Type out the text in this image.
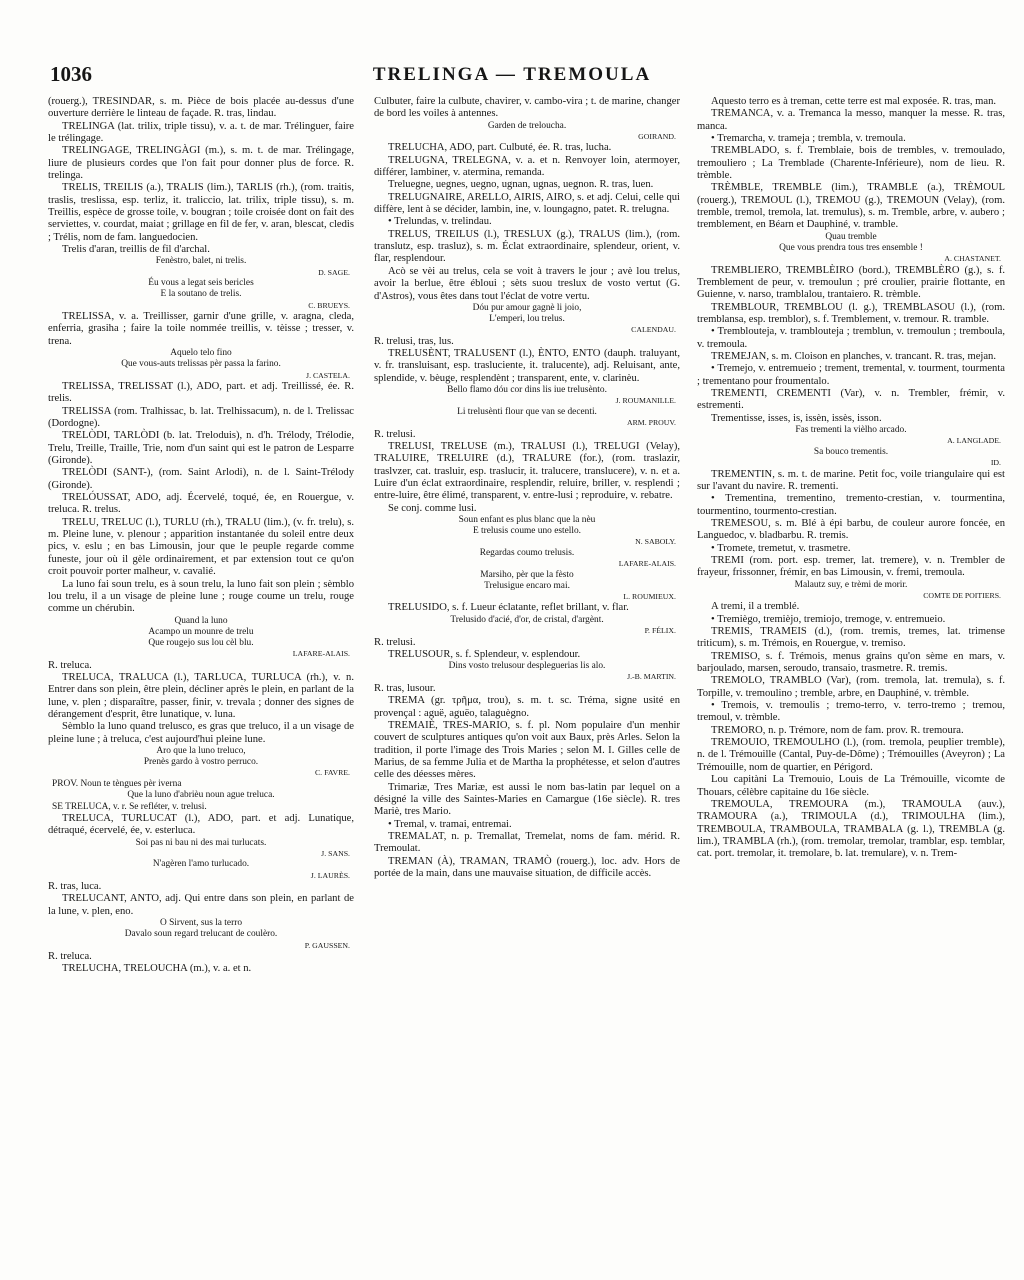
1036	TRELINGA — TREMOULA

(rouerg.), TRESINDAR, s. m. Pièce de bois placée au-dessus d'une ouverture derrière le linteau de façade. R. tras, lindau.

TRELINGA (lat. trilix, triple tissu), v. a. t. de mar. Trélinguer, faire le trélingage.

TRELINGAGE, TRELINGÀGI (m.), s. m. t. de mar. Trélingage, liure de plusieurs cordes que l'on fait pour donner plus de force. R. trelinga.

TRELIS, TREILIS (a.), TRALIS (lim.), TARLIS (rh.), (rom. traitis, traslis, treslissa, esp. terliz, it. traliccio, lat. trilix, triple tissu), s. m. Treillis, espèce de grosse toile, v. bougran ; toile croisée dont on fait des serviettes, v. courdat, maiat ; grillage en fil de fer, v. aran, blescat, cledis ; Trélis, nom de fam. languedocien.

Trelis d'aran, treillis de fil d'archal.

Fenèstro, balet, ni trelis.
D. SAGE.
Éu vous a legat seis bericles
E la soutano de trelis.
C. BRUEYS.

TRELISSA, v. a. Treillisser, garnir d'une grille, v. aragna, cleda, enferria, grasiha ; faire la toile nommée treillis, v. tèisse ; tresser, v. trena.

Aquelo telo fino
Que vous-auts trelissas pèr passa la farino.
J. CASTELA.

TRELISSA, TRELISSAT (l.), ADO, part. et adj. Treillissé, ée. R. trelis.

TRELISSA (rom. Tralhissac, b. lat. Trelhissacum), n. de l. Trelissac (Dordogne).

TRELÒDI, TARLÒDI (b. lat. Treloduis), n. d'h. Trélody, Trélodie, Trelu, Treille, Traille, Trie, nom d'un saint qui est le patron de Lesparre (Gironde).

TRELÒDI (SANT-), (rom. Saint Arlodi), n. de l. Saint-Trélody (Gironde).

TRELÓUSSAT, ADO, adj. Écervelé, toqué, ée, en Rouergue, v. treluca. R. trelus.

TRELU, TRELUC (l.), TURLU (rh.), TRALU (lim.), (v. fr. trelu), s. m. Pleine lune, v. plenour ; apparition instantanée du soleil entre deux pics, v. eslu ; en bas Limousin, jour que le peuple regarde comme funeste, jour où il gèle ordinairement, et par extension tout ce qu'on croit pouvoir porter malheur, v. cavalié.

La luno fai soun trelu, es à soun trelu, la luno fait son plein ; sèmblo lou trelu, il a un visage de pleine lune ; rouge coume un trelu, rouge comme un chérubin.

Quand la luno
Acampo un mounre de trelu
Que rougejo sus lou cèl blu.
LAFARE-ALAIS.

R. treluca.

TRELUCA, TRALUCA (l.), TARLUCA, TURLUCA (rh.), v. n. Entrer dans son plein, être plein, décliner après le plein, en parlant de la lune, v. plen ; disparaître, passer, finir, v. trevala ; donner des signes de dérangement d'esprit, être lunatique, v. luna.

Sèmblo la luno quand trelusco, es gras que treluco, il a un visage de pleine lune ; à treluca, c'est aujourd'hui pleine lune.

Aro que la luno treluco,
Prenès gardo à vostro perruco.
C. FAVRE.
PROV. Noun te tèngues pèr iverna
Que la luno d'abrièu noun ague treluca.
SE TRELUCA, v. r. Se refléter, v. trelusi.

TRELUCA, TURLUCAT (l.), ADO, part. et adj. Lunatique, détraqué, écervelé, ée, v. esterluca.

Soi pas ni bau ni des mai turlucats.
J. SANS.
N'agèren l'amo turlucado.
J. LAURÈS.

R. tras, luca.

TRELUCANT, ANTO, adj. Qui entre dans son plein, en parlant de la lune, v. plen, eno.

O Sirvent, sus la terro
Davalo soun regard trelucant de coulèro.
P. GAUSSEN.

R. treluca.

TRELUCHA, TRELOUCHA (m.), v. a. et n.

Culbuter, faire la culbute, chavirer, v. cambo-vira ; t. de marine, changer de bord les voiles à antennes.

Garden de treloucha.
GOIRAND.

TRELUCHA, ADO, part. Culbuté, ée. R. tras, lucha.

TRELUGNA, TRELEGNA, v. a. et n. Renvoyer loin, atermoyer, différer, lambiner, v. atermina, remanda.

Treluegne, uegnes, uegno, ugnan, ugnas, uegnon. R. tras, luen.

TRELUGNAIRE, ARELLO, AIRIS, AIRO, s. et adj. Celui, celle qui diffère, lent à se décider, lambin, ine, v. loungagno, patet. R. trelugna.

• Trelundas, v. trelindau.

TRELUS, TREILUS (l.), TRESLUX (g.), TRALUS (lim.), (rom. translutz, esp. trasluz), s. m. Éclat extraordinaire, splendeur, orient, v. flar, resplendour.

Acò se vèi au trelus, cela se voit à travers le jour ; avè lou trelus, avoir la berlue, être ébloui ; sèts suou treslux de vosto vertut (G. d'Astros), vous êtes dans tout l'éclat de votre vertu.

Dóu pur amour gagnè li joio,
L'emperi, lou trelus.
CALENDAU.

R. trelusi, tras, lus.

TRELUSÈNT, TRALUSENT (l.), ÈNTO, ENTO (dauph. traluyant, v. fr. transluisant, esp. trasluciente, it. tralucente), adj. Reluisant, ante, splendide, v. bèuge, resplendènt ; transparent, ente, v. clarinèu.

Bello flamo dóu cor dins lis iue trelusènto.
J. ROUMANILLE.
Li trelusènti flour que van se decenti.
ARM. PROUV.

R. trelusi.

TRELUSI, TRELUSE (m.), TRALUSI (l.), TRELUGI (Velay), TRALUIRE, TRELUIRE (d.), TRALURE (for.), (rom. traslazir, traslvzer, cat. trasluir, esp. traslucir, it. tralucere, translucere), v. n. et a. Luire d'un éclat extraordinaire, resplendir, reluire, briller, v. resplendi ; entre-luire, être élimé, transparent, v. entre-lusi ; reproduire, v. rebatre.

Se conj. comme lusi.

Soun enfant es plus blanc que la nèu
E trelusis coume uno estello.
N. SABOLY.
Regardas coumo trelusis.
LAFARE-ALAIS.
Marsiho, pèr que la fèsto
Trelusigue encaro mai.
L. ROUMIEUX.

TRELUSIDO, s. f. Lueur éclatante, reflet brillant, v. flar.

Trelusido d'acié, d'or, de cristal, d'argènt.
P. FÉLIX.

R. trelusi.

TRELUSOUR, s. f. Splendeur, v. esplendour.

Dins vosto trelusour despleguerias lis alo.
J.-B. MARTIN.

R. tras, lusour.

TREMA (gr. τρῆμα, trou), s. m. t. sc. Tréma, signe usité en provençal : aguë, aguëo, talaguègno.

TREMAIÈ, TRES-MARIO, s. f. pl. Nom populaire d'un menhir couvert de sculptures antiques qu'on voit aux Baux, près Arles. Selon la tradition, il porte l'image des Trois Maries ; selon M. I. Gilles celle de Marius, de sa femme Julia et de Martha la prophétesse, et selon d'autres celle des déesses mères.

Trimariæ, Tres Mariæ, est aussi le nom bas-latin par lequel on a désigné la ville des Saintes-Maries en Camargue (16e siècle). R. tres Mariè, tres Mario.

• Tremal, v. tramai, entremai.

TREMALAT, n. p. Tremallat, Tremelat, noms de fam. mérid. R. Tremoulat.

TREMAN (À), TRAMAN, TRAMÒ (rouerg.), loc. adv. Hors de portée de la main, dans une mauvaise situation, de difficile accès.

Aquesto terro es à treman, cette terre est mal exposée. R. tras, man.

TREMANCA, v. a. Tremanca la messo, manquer la messe. R. tras, manca.

• Tremarcha, v. trameja ; trembla, v. tremoula.

TREMBLADO, s. f. Tremblaie, bois de trembles, v. tremoulado, tremouliero ; La Tremblade (Charente-Inférieure), nom de lieu. R. trèmble.

TRÈMBLE, TREMBLE (lim.), TRAMBLE (a.), TRÈMOUL (rouerg.), TREMOUL (l.), TREMOU (g.), TREMOUN (Velay), (rom. tremble, tremol, tremola, lat. tremulus), s. m. Tremble, arbre, v. aubero ; tremblement, en Béarn et Dauphiné, v. tramble.

Quau tremble
Que vous prendra tous tres ensemble !
A. CHASTANET.

TREMBLIERO, TREMBLÈIRO (bord.), TREMBLÈRO (g.), s. f. Tremblement de peur, v. tremoulun ; pré croulier, prairie flottante, en Guienne, v. narso, tramblalou, trantaiero. R. trèmble.

TREMBLOUR, TREMBLOU (l. g.), TREMBLASOU (l.), (rom. tremblansa, esp. tremblor), s. f. Tremblement, v. tremour. R. tramble.

• Tremblouteja, v. tramblouteja ; tremblun, v. tremoulun ; tremboula, v. tremoula.

TREMEJAN, s. m. Cloison en planches, v. trancant. R. tras, mejan.

• Tremejo, v. entremueio ; trement, tremental, v. tourment, tourmenta ; trementano pour froumentalo.

TREMENTI, CREMENTI (Var), v. n. Trembler, frémir, v. estrementi.

Trementisse, isses, is, issèn, issès, isson.

Fas trementi la vièlho arcado.
A. LANGLADE.
Sa bouco trementis.
ID.

TREMENTIN, s. m. t. de marine. Petit foc, voile triangulaire qui est sur l'avant du navire. R. trementi.

• Trementina, trementino, tremento-crestian, v. tourmentina, tourmentino, tourmento-crestian.

TREMESOU, s. m. Blé à épi barbu, de couleur aurore foncée, en Languedoc, v. bladbarbu. R. tremis.

• Tromete, tremetut, v. trasmetre.

TREMI (rom. port. esp. tremer, lat. tremere), v. n. Trembler de frayeur, frissonner, frémir, en bas Limousin, v. fremi, tremoula.

Malautz suy, e trèmi de morir.
COMTE DE POITIERS.

A tremi, il a tremblé.

• Tremiègo, tremièjo, tremiojo, tremoge, v. entremueio.

TREMIS, TRAMEIS (d.), (rom. tremis, tremes, lat. trimense triticum), s. m. Trémois, en Rouergue, v. tremiso.

TREMISO, s. f. Trémois, menus grains qu'on sème en mars, v. barjoulado, marsen, seroudo, transaio, trasmetre. R. tremis.

TREMOLO, TRAMBLO (Var), (rom. tremola, lat. tremula), s. f. Torpille, v. tremoulino ; tremble, arbre, en Dauphiné, v. trèmble.

• Tremois, v. tremoulis ; tremo-terro, v. terro-tremo ; tremou, tremoul, v. trèmble.

TREMORO, n. p. Trémore, nom de fam. prov. R. tremoura.

TREMOUIO, TREMOULHO (l.), (rom. tremola, peuplier tremble), n. de l. Trémouille (Cantal, Puy-de-Dôme) ; Trémouilles (Aveyron) ; La Trémouille, nom de quartier, en Périgord.

Lou capitàni La Tremouio, Louis de La Trémouille, vicomte de Thouars, célèbre capitaine du 16e siècle.

TREMOULA, TREMOURA (m.), TRAMOULA (auv.), TRAMOURA (a.), TRIMOULA (d.), TRIMOULHA (lim.), TREMBOULA, TRAMBOULA, TRAMBALA (g. l.), TREMBLA (g. lim.), TRAMBLA (rh.), (rom. tremolar, tremolar, tramblar, esp. temblar, cat. port. tremolar, it. tremolare, b. lat. tremulare), v. n. Trem-
